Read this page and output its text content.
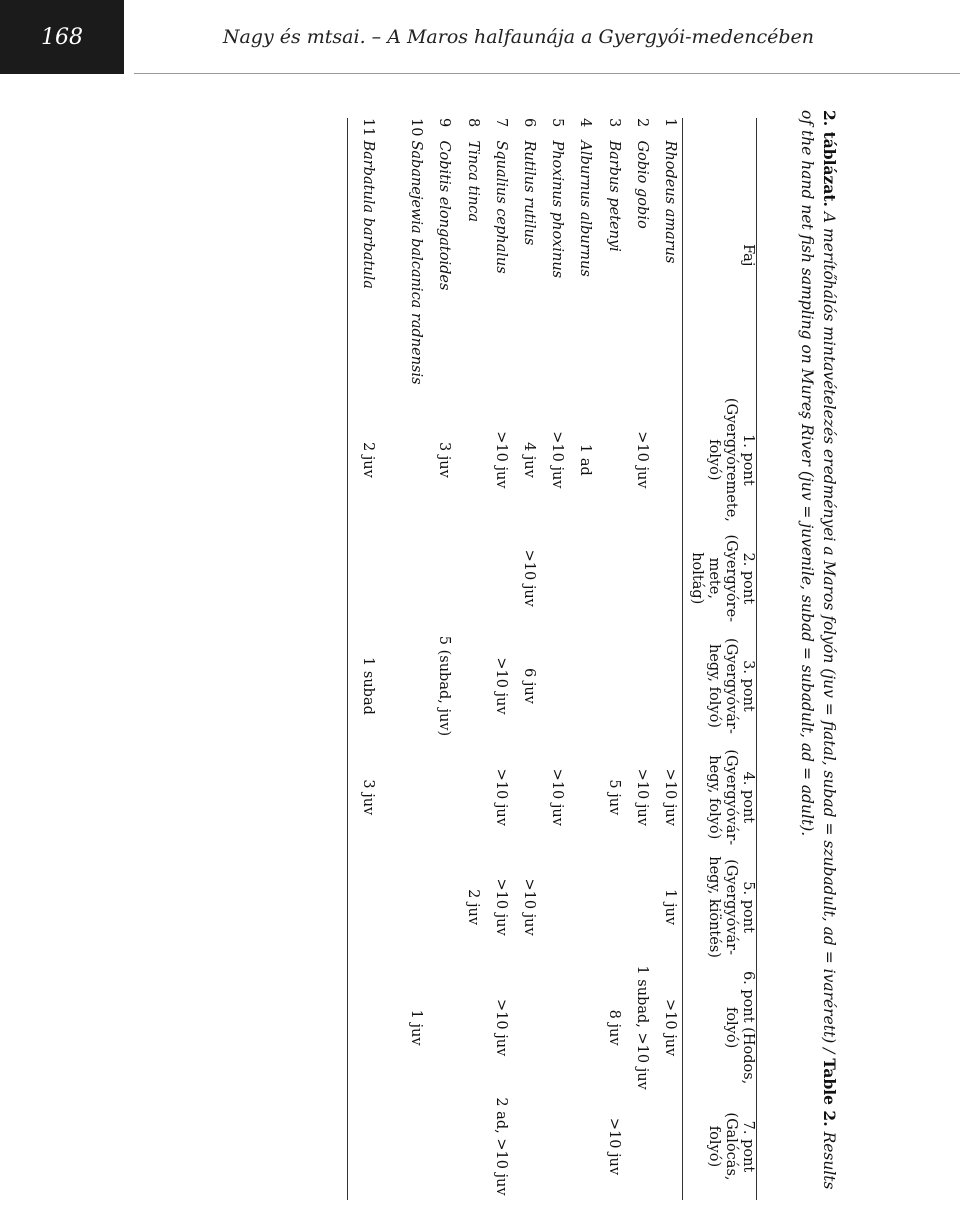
168	Nagy és mtsai. – A Maros halfaunája a Gyergyói-medencében
2. táblázat. A merítőhálós mintavételezés eredményei a Maros folyón (juv = fiatal, subad = szubadult, ad = ivarérett) / Table 2. Results of the hand net fish sampling on Mureş River (juv = juvenile, subad = subadult, ad = adult).
Faj		1. pont (Gyergyóremete, folyó)	2. pont (Gyergyóre-mete, holtág)	3. pont (Gyergyóvár-hegy, folyó)	4. pont (Gyergyóvár-hegy, folyó)	5. pont (Gyergyóvár-hegy, kiöntés)	6. pont (Hodos, folyó)	7. pont (Galócás, folyó)
1	Rhodeus amarus				>10 juv	1 juv	>10 juv	
2	Gobio gobio	>10 juv			>10 juv		1 subad, >10 juv	
3	Barbus petenyi				5 juv		8 juv	>10 juv
4	Alburnus alburnus	1 ad						
5	Phoxinus phoxinus	>10 juv			>10 juv			
6	Rutilus rutilus	4 juv	>10 juv	6 juv		>10 juv		
7	Squalius cephalus	>10 juv		>10 juv	>10 juv	>10 juv	>10 juv	2 ad, >10 juv
8	Tinca tinca					2 juv		
9	Cobitis elongatoides	3 juv		5 (subad, juv)				
10	Sabanejewia balcanica radnensis						1 juv	
11	Barbatula barbatula	2 juv		1 subad	3 juv			
